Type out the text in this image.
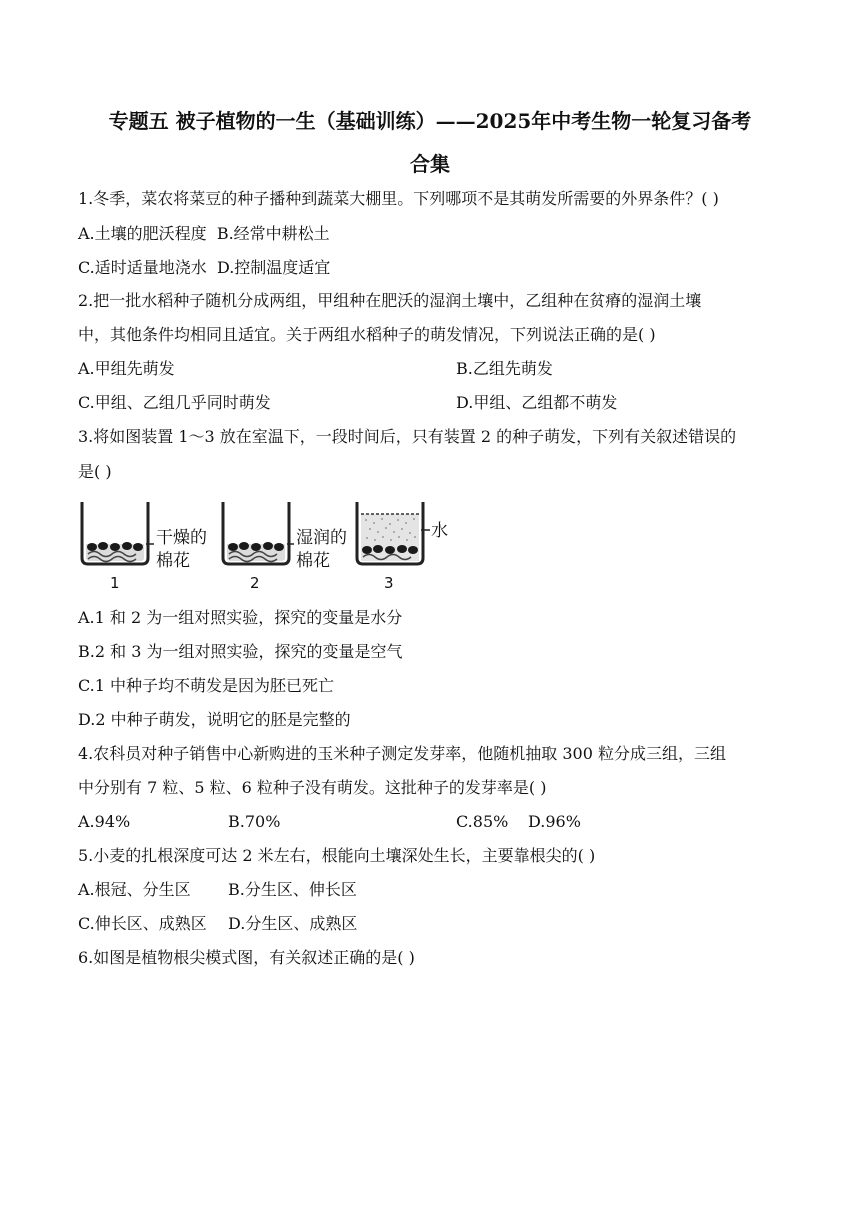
专题五 被子植物的一生（基础训练）——2025年中考生物一轮复习备考
合集
1.冬季，菜农将菜豆的种子播种到蔬菜大棚里。下列哪项不是其萌发所需要的外界条件？( )
A.土壤的肥沃程度 B.经常中耕松土
C.适时适量地浇水 D.控制温度适宜
2.把一批水稻种子随机分成两组，甲组种在肥沃的湿润土壤中，乙组种在贫瘠的湿润土壤
中，其他条件均相同且适宜。关于两组水稻种子的萌发情况，下列说法正确的是( )
A.甲组先萌发	B.乙组先萌发
C.甲组、乙组几乎同时萌发	D.甲组、乙组都不萌发
3.将如图装置 1～3 放在室温下，一段时间后，只有装置 2 的种子萌发，下列有关叙述错误的
是( )
干燥的
棉花
1
湿润的
棉花
2
水
3
A.1 和 2 为一组对照实验，探究的变量是水分
B.2 和 3 为一组对照实验，探究的变量是空气
C.1 中种子均不萌发是因为胚已死亡
D.2 中种子萌发，说明它的胚是完整的
4.农科员对种子销售中心新购进的玉米种子测定发芽率，他随机抽取 300 粒分成三组，三组
中分别有 7 粒、5 粒、6 粒种子没有萌发。这批种子的发芽率是( )
A.94%	B.70%	C.85% D.96%
5.小麦的扎根深度可达 2 米左右，根能向土壤深处生长，主要靠根尖的( )
A.根冠、分生区 B.分生区、伸长区
C.伸长区、成熟区 D.分生区、成熟区
6.如图是植物根尖模式图，有关叙述正确的是( )
